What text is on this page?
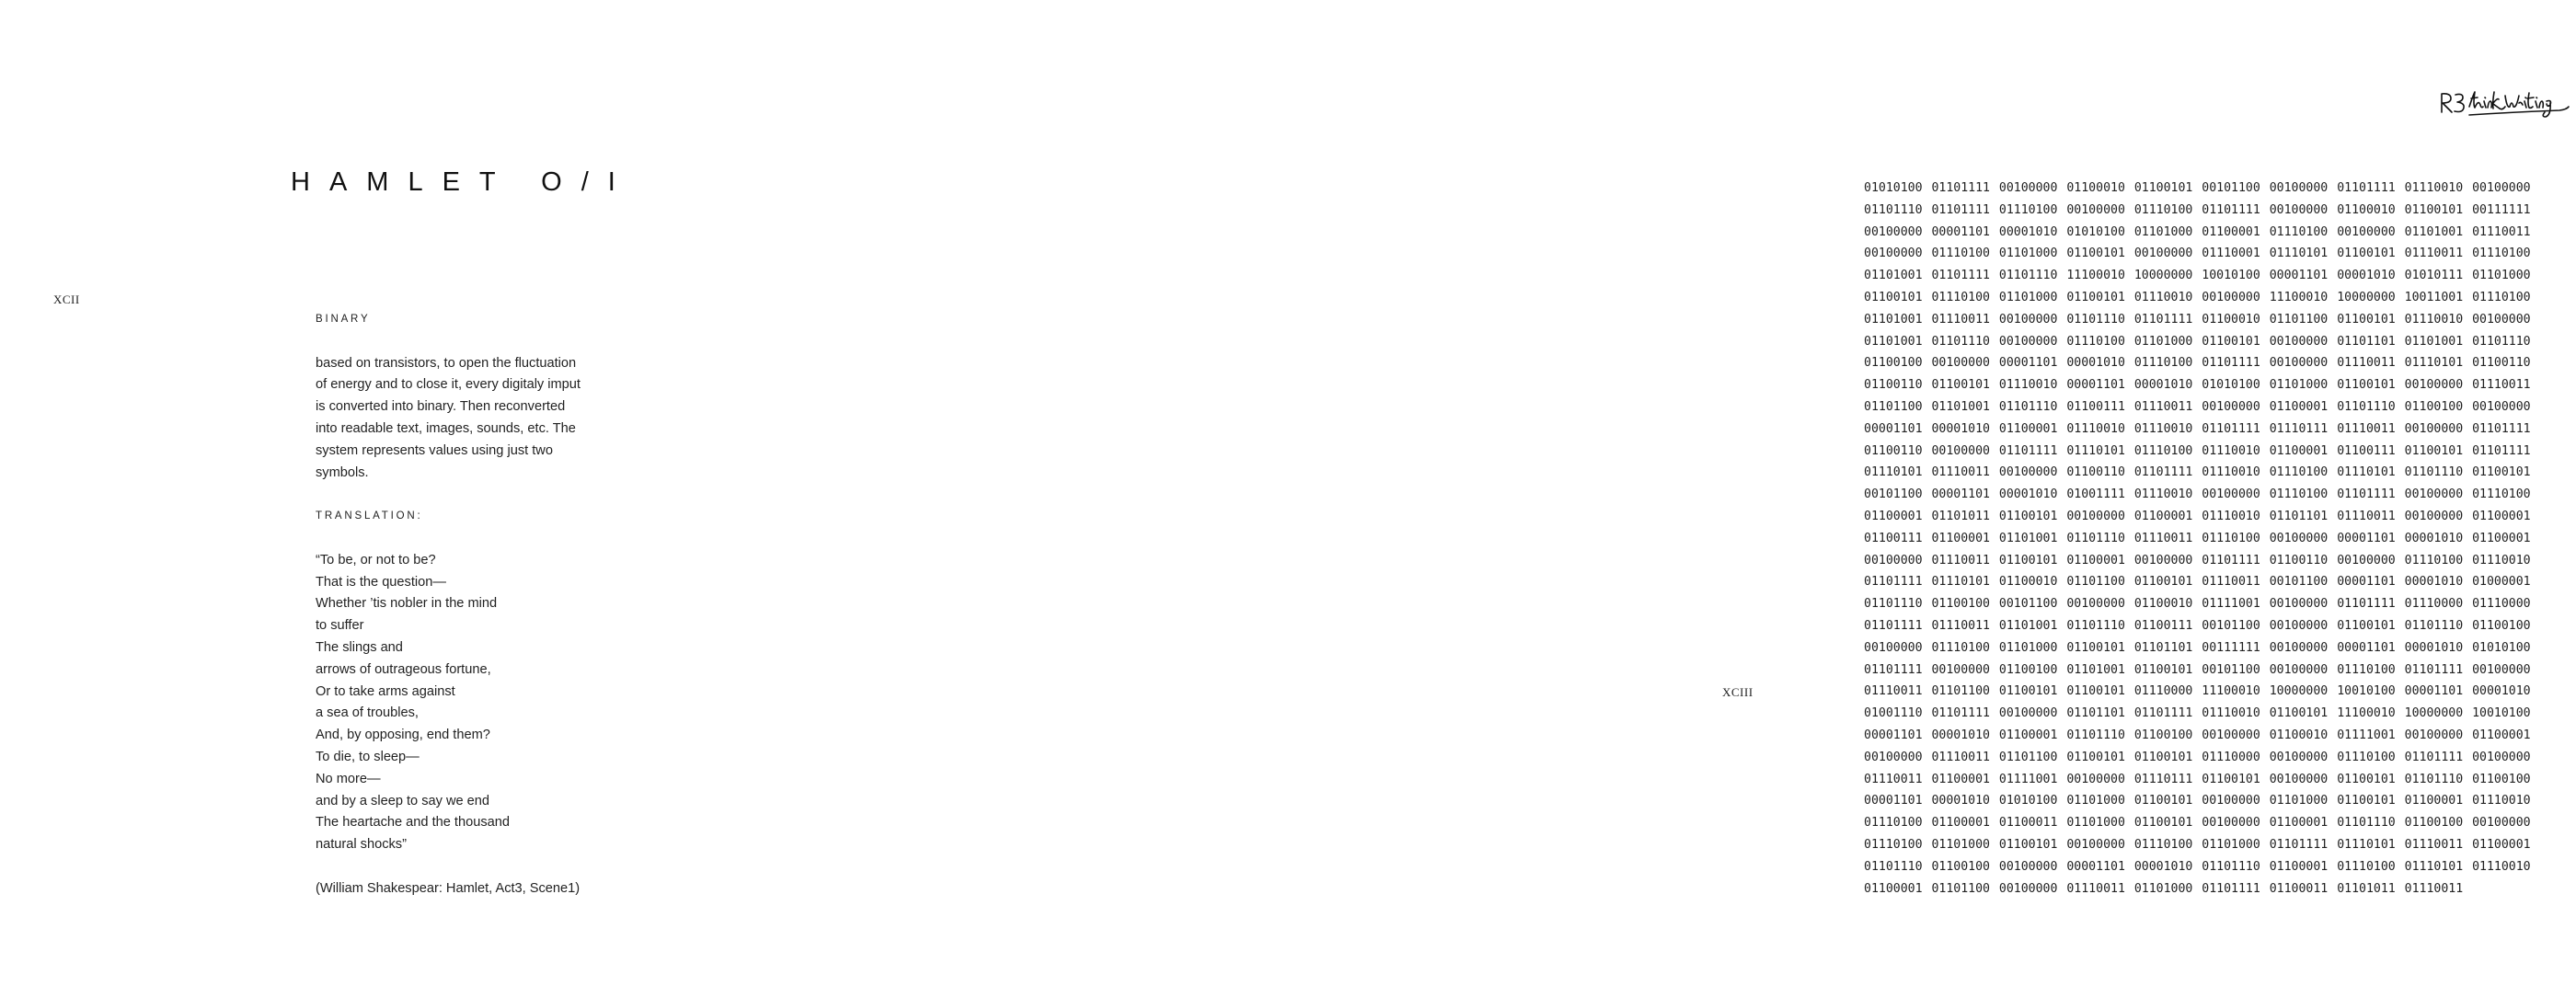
XCII
HAMLET O/I
BINARY
based on transistors, to open the fluctuation
of energy and to close it, every digitaly imput
is converted into binary. Then reconverted
into readable text, images, sounds, etc. The
system represents values using just two
symbols.
TRANSLATION:
“To be, or not to be?
That is the question—
Whether ’tis nobler in the mind
to suffer
The slings and
arrows of outrageous fortune,
Or to take arms against
a sea of troubles,
And, by opposing, end them?
To die, to sleep—
No more—
and by a sleep to say we end
The heartache and the thousand
natural shocks”
(William Shakespear: Hamlet, Act3, Scene1)
01010100 01101111 00100000 01100010 01100101 00101100 00100000 01101111 01110010 00100000
01101110 01101111 01110100 00100000 01110100 01101111 00100000 01100010 01100101 00111111
00100000 00001101 00001010 01010100 01101000 01100001 01110100 00100000 01101001 01110011
00100000 01110100 01101000 01100101 00100000 01110001 01110101 01100101 01110011 01110100
01101001 01101111 01101110 11100010 10000000 10010100 00001101 00001010 01010111 01101000
01100101 01110100 01101000 01100101 01110010 00100000 11100010 10000000 10011001 01110100
01101001 01110011 00100000 01101110 01101111 01100010 01101100 01100101 01110010 00100000
01101001 01101110 00100000 01110100 01101000 01100101 00100000 01101101 01101001 01101110
01100100 00100000 00001101 00001010 01110100 01101111 00100000 01110011 01110101 01100110
01100110 01100101 01110010 00001101 00001010 01010100 01101000 01100101 00100000 01110011
01101100 01101001 01101110 01100111 01110011 00100000 01100001 01101110 01100100 00100000
00001101 00001010 01100001 01110010 01110010 01101111 01110111 01110011 00100000 01101111
01100110 00100000 01101111 01110101 01110100 01110010 01100001 01100111 01100101 01101111
01110101 01110011 00100000 01100110 01101111 01110010 01110100 01110101 01101110 01100101
00101100 00001101 00001010 01001111 01110010 00100000 01110100 01101111 00100000 01110100
01100001 01101011 01100101 00100000 01100001 01110010 01101101 01110011 00100000 01100001
01100111 01100001 01101001 01101110 01110011 01110100 00100000 00001101 00001010 01100001
00100000 01110011 01100101 01100001 00100000 01101111 01100110 00100000 01110100 01110010
01101111 01110101 01100010 01101100 01100101 01110011 00101100 00001101 00001010 01000001
01101110 01100100 00101100 00100000 01100010 01111001 00100000 01101111 01110000 01110000
01101111 01110011 01101001 01101110 01100111 00101100 00100000 01100101 01101110 01100100
00100000 01110100 01101000 01100101 01101101 00111111 00100000 00001101 00001010 01010100
01101111 00100000 01100100 01101001 01100101 00101100 00100000 01110100 01101111 00100000
01110011 01101100 01100101 01100101 01110000 11100010 10000000 10010100 00001101 00001010
01001110 01101111 00100000 01101101 01101111 01110010 01100101 11100010 10000000 10010100
00001101 00001010 01100001 01101110 01100100 00100000 01100010 01111001 00100000 01100001
00100000 01110011 01101100 01100101 01100101 01110000 00100000 01110100 01101111 00100000
01110011 01100001 01111001 00100000 01110111 01100101 00100000 01100101 01101110 01100100
00001101 00001010 01010100 01101000 01100101 00100000 01101000 01100101 01100001 01110010
01110100 01100001 01100011 01101000 01100101 00100000 01100001 01101110 01100100 00100000
01110100 01101000 01100101 00100000 01110100 01101000 01101111 01110101 01110011 01100001
01101110 01100100 00100000 00001101 00001010 01101110 01100001 01110100 01110101 01110010
01100001 01101100 00100000 01110011 01101000 01101111 01100011 01101011 01110011
XCIII
